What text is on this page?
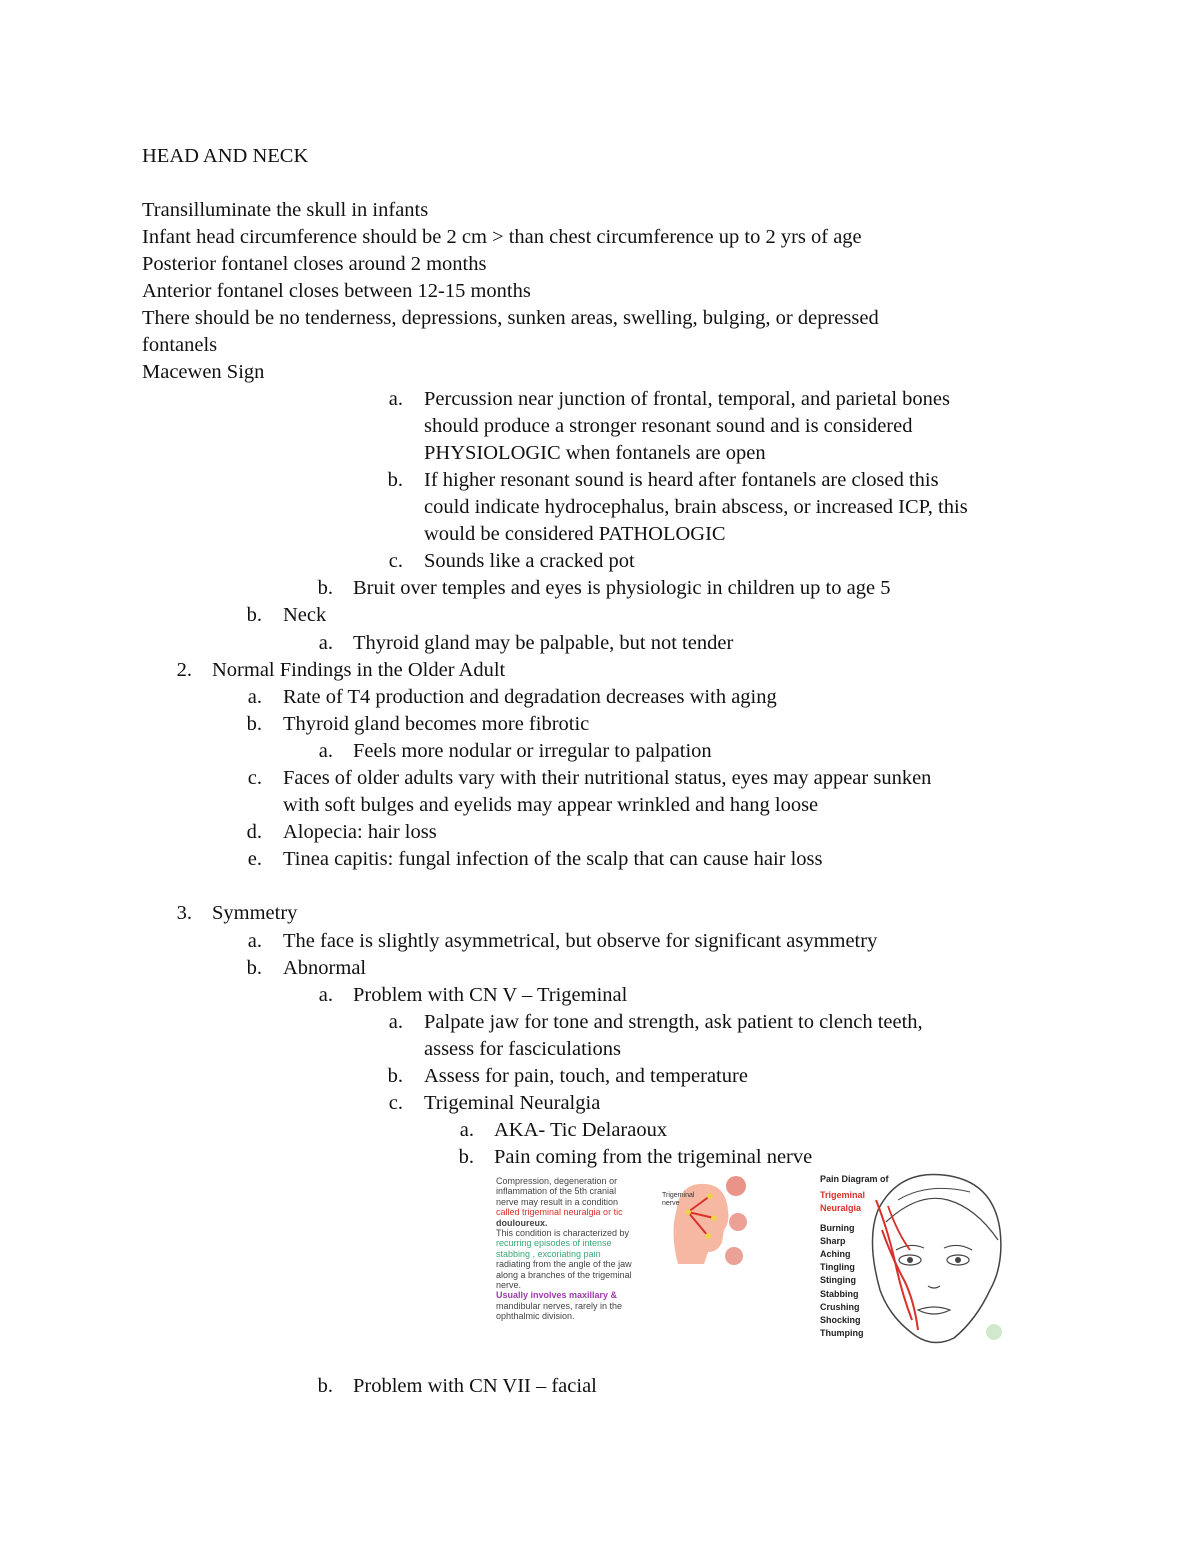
HEAD AND NECK
Transilluminate the skull in infants
Infant head circumference should be 2 cm > than chest circumference up to 2 yrs of age
Posterior fontanel closes around 2 months
Anterior fontanel closes between 12-15 months
There should be no tenderness, depressions, sunken areas, swelling, bulging, or depressed
fontanels
Macewen Sign
a. Percussion near junction of frontal, temporal, and parietal bones
should produce a stronger resonant sound and is considered
PHYSIOLOGIC when fontanels are open
b. If higher resonant sound is heard after fontanels are closed this
could indicate hydrocephalus, brain abscess, or increased ICP, this
would be considered PATHOLOGIC
c. Sounds like a cracked pot
b. Bruit over temples and eyes is physiologic in children up to age 5
b. Neck
a. Thyroid gland may be palpable, but not tender
2. Normal Findings in the Older Adult
a. Rate of T4 production and degradation decreases with aging
b. Thyroid gland becomes more fibrotic
a. Feels more nodular or irregular to palpation
c. Faces of older adults vary with their nutritional status, eyes may appear sunken
with soft bulges and eyelids may appear wrinkled and hang loose
d. Alopecia: hair loss
e. Tinea capitis: fungal infection of the scalp that can cause hair loss
3. Symmetry
a. The face is slightly asymmetrical, but observe for significant asymmetry
b. Abnormal
a. Problem with CN V – Trigeminal
a. Palpate jaw for tone and strength, ask patient to clench teeth,
assess for fasciculations
b. Assess for pain, touch, and temperature
c. Trigeminal Neuralgia
a. AKA- Tic Delaraoux
b. Pain coming from the trigeminal nerve
Compression, degeneration or
inflammation of the 5th cranial
nerve may result in a condition
called trigeminal neuralgia or tic
douloureux.
This condition is characterized by
recurring episodes of intense
stabbing , excoriating pain
radiating from the angle of the jaw
along a branches of the trigeminal
nerve.
Usually involves maxillary &
mandibular nerves, rarely in the
ophthalmic division.
Trigeminal
nerve
Pain Diagram of
Trigeminal
Neuralgia
Burning
Sharp
Aching
Tingling
Stinging
Stabbing
Crushing
Shocking
Thumping
b. Problem with CN VII – facial
